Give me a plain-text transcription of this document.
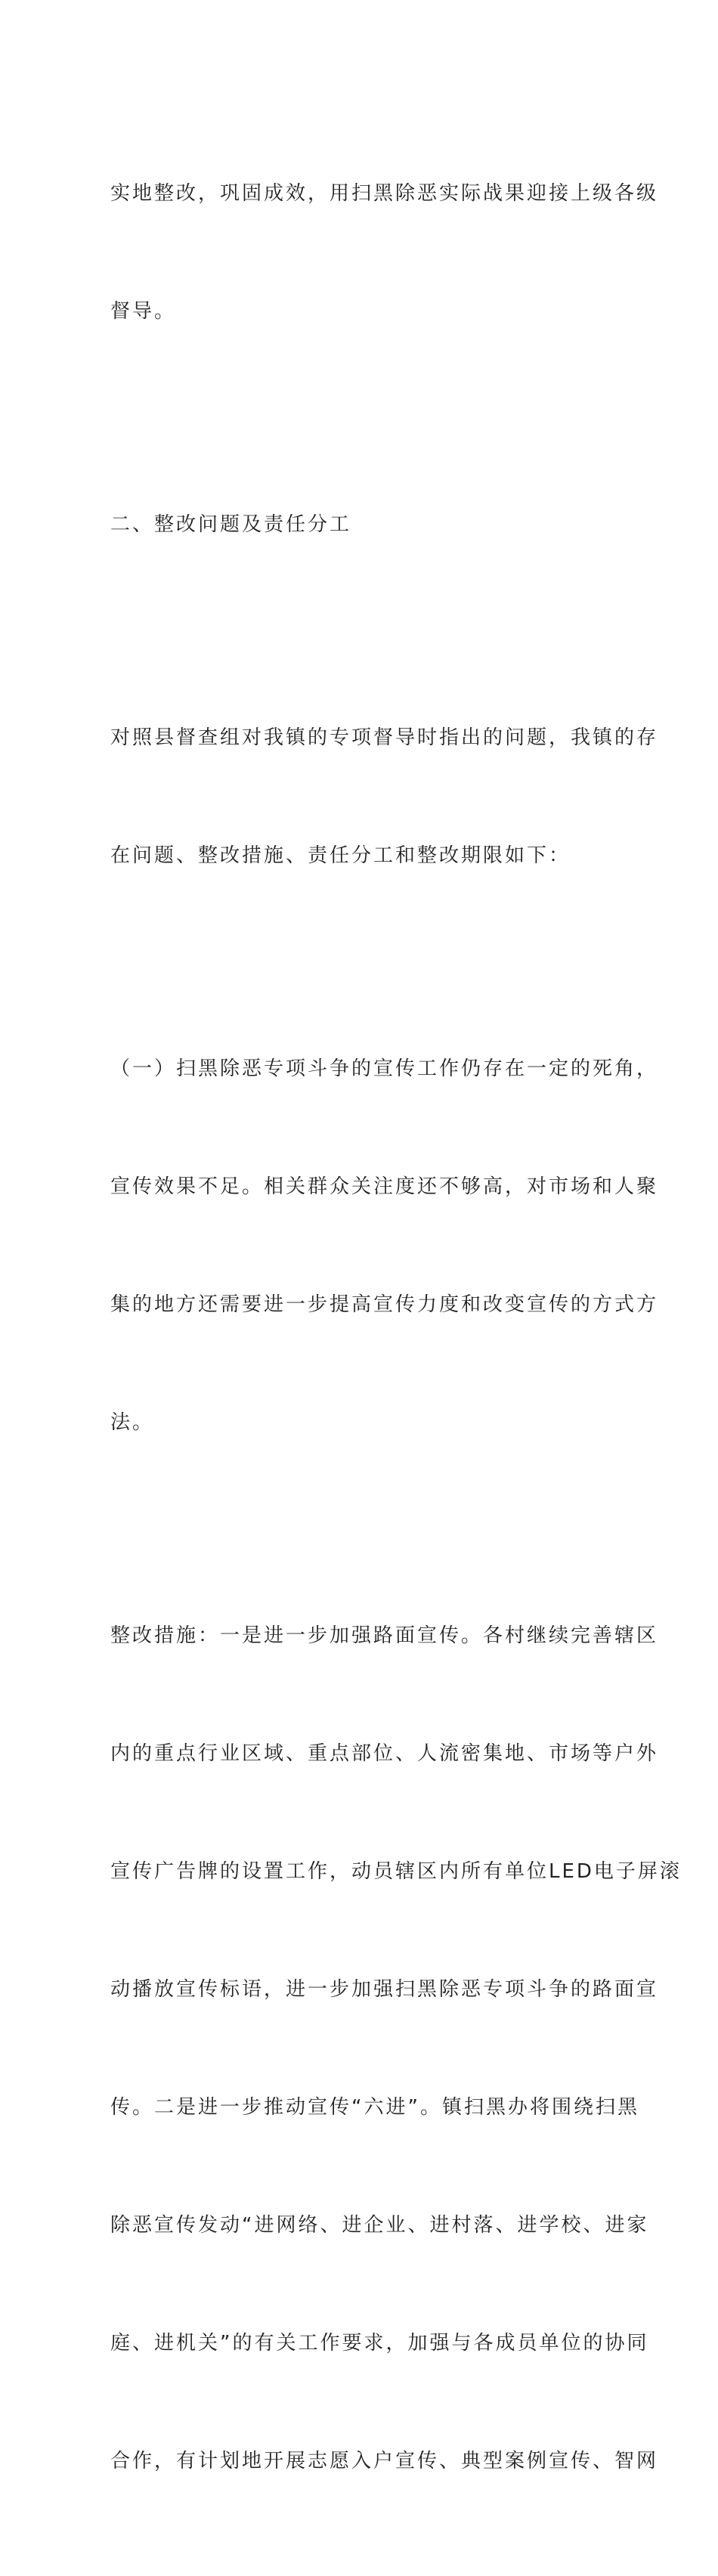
实地整改，巩固成效，用扫黑除恶实际战果迎接上级各级

督导。

二、整改问题及责任分工

对照县督查组对我镇的专项督导时指出的问题，我镇的存

在问题、整改措施、责任分工和整改期限如下：

（一）扫黑除恶专项斗争的宣传工作仍存在一定的死角，

宣传效果不足。相关群众关注度还不够高，对市场和人聚

集的地方还需要进一步提高宣传力度和改变宣传的方式方

法。

整改措施：一是进一步加强路面宣传。各村继续完善辖区

内的重点行业区域、重点部位、人流密集地、市场等户外

宣传广告牌的设置工作，动员辖区内所有单位LED电子屏滚

动播放宣传标语，进一步加强扫黑除恶专项斗争的路面宣

传。二是进一步推动宣传“六进”。镇扫黑办将围绕扫黑

除恶宣传发动“进网络、进企业、进村落、进学校、进家

庭、进机关”的有关工作要求，加强与各成员单位的协同

合作，有计划地开展志愿入户宣传、典型案例宣传、智网
